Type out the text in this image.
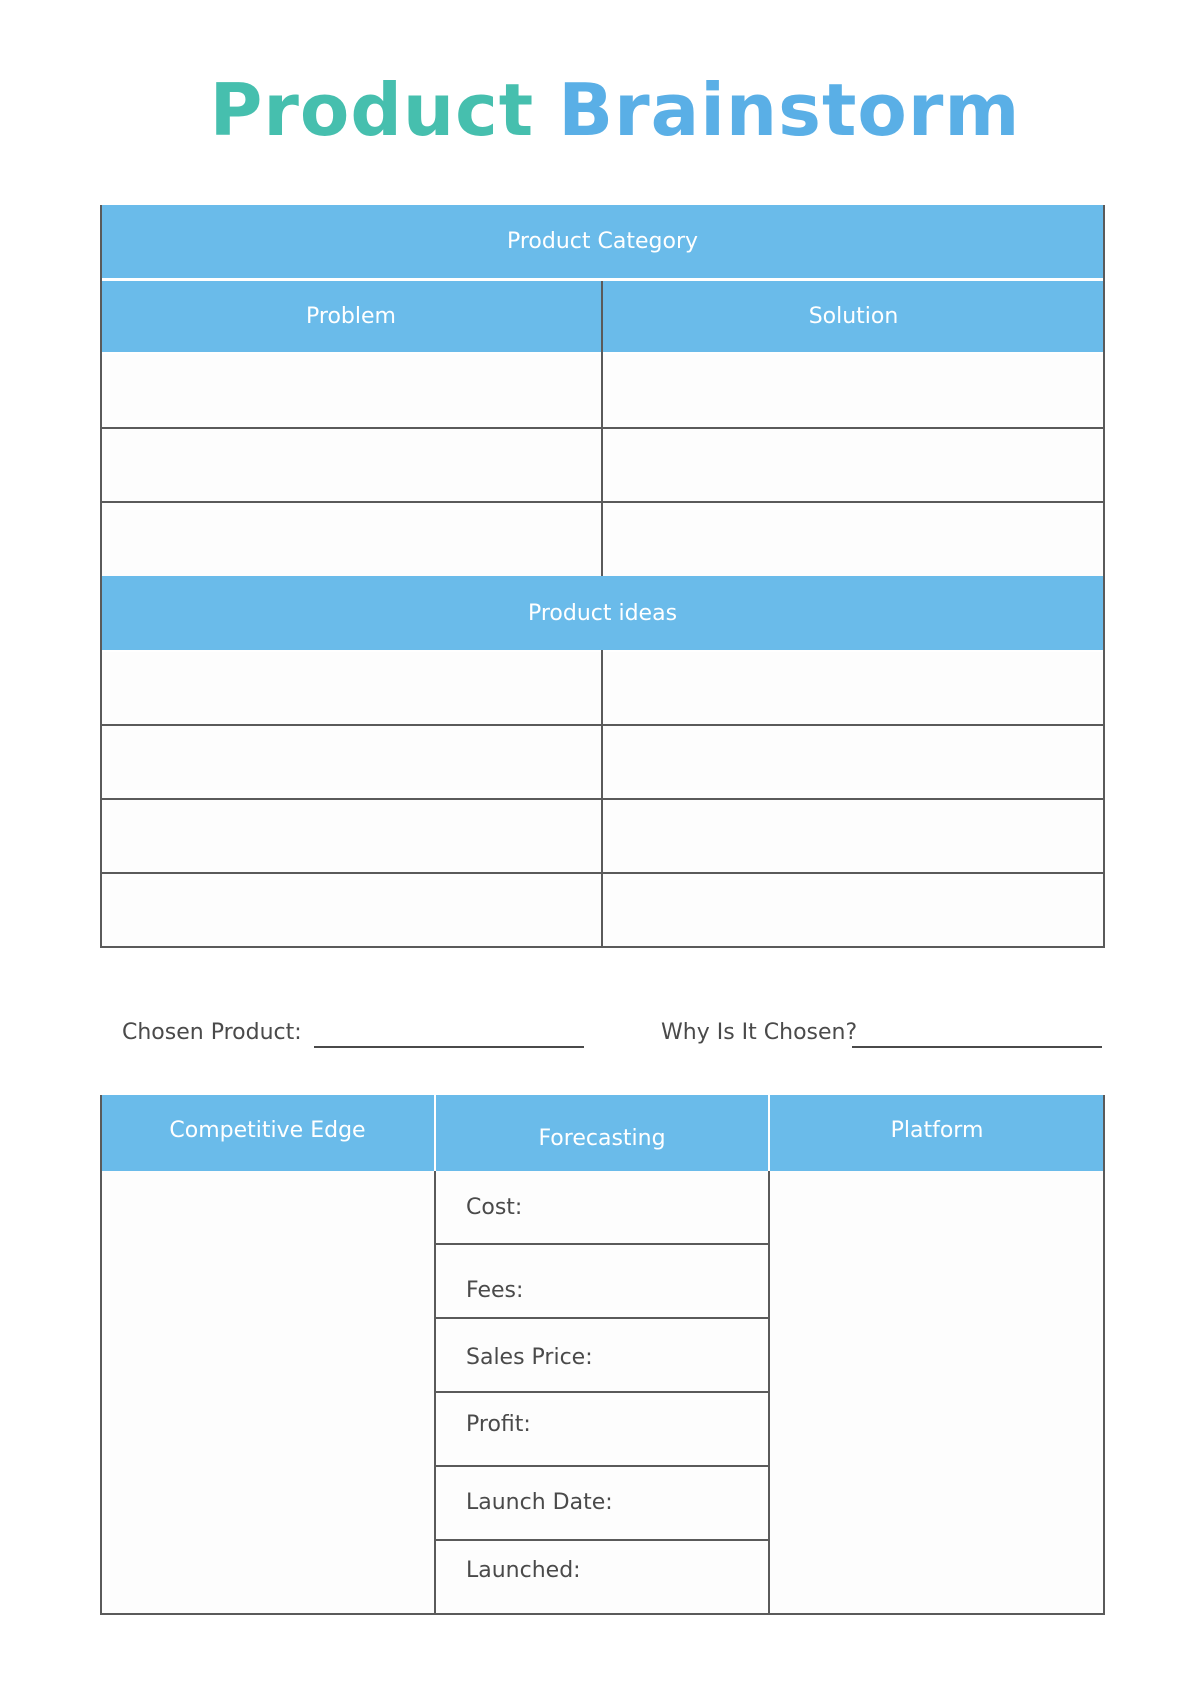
Product Brainstorm
Product Category
Problem	Solution
Product ideas
Chosen Product:	Why Is It Chosen?
Competitive Edge	Forecasting	Platform
Cost:
Fees:
Sales Price:
Profit:
Launch Date:
Launched:
